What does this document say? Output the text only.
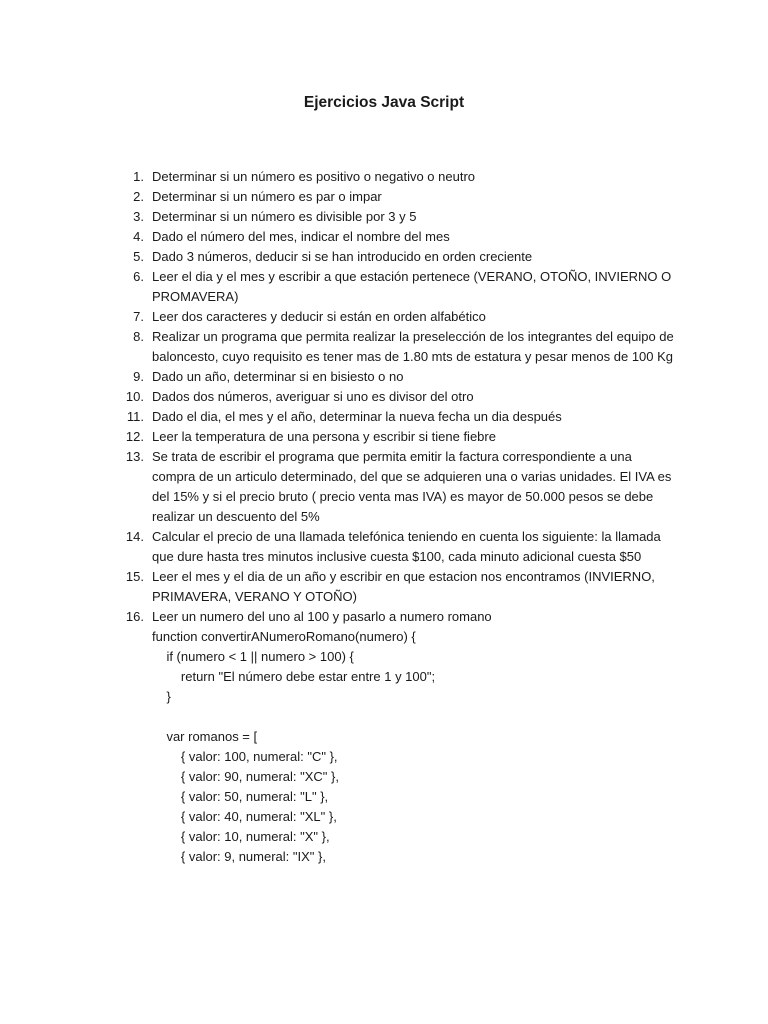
Ejercicios Java Script
1. Determinar si un número es positivo o negativo o neutro
2. Determinar si un número es par o impar
3. Determinar si un número es divisible por 3 y 5
4. Dado el número del mes, indicar el nombre del mes
5. Dado 3 números, deducir si se han introducido en orden creciente
6. Leer el dia y el mes y escribir a que estación pertenece (VERANO, OTOÑO, INVIERNO O
PROMAVERA)
7. Leer dos caracteres y deducir si están en orden alfabético
8. Realizar un programa que permita realizar la preselección de los integrantes del equipo de
baloncesto, cuyo requisito es tener mas de 1.80 mts de estatura y pesar menos de 100 Kg
9. Dado un año, determinar si en bisiesto o no
10. Dados dos números, averiguar si uno es divisor del otro
11. Dado el dia, el mes y el año, determinar la nueva fecha un dia después
12. Leer la temperatura de una persona y escribir si tiene fiebre
13. Se trata de escribir el programa que permita emitir la factura correspondiente a una
compra de un articulo determinado, del que se adquieren una o varias unidades. El IVA es
del 15% y si el precio bruto ( precio venta mas IVA) es mayor de 50.000 pesos se debe
realizar un descuento del 5%
14. Calcular el precio de una llamada telefónica teniendo en cuenta los siguiente: la llamada
que dure hasta tres minutos inclusive cuesta $100, cada minuto adicional cuesta $50
15. Leer el mes y el dia de un año y escribir en que estacion nos encontramos (INVIERNO,
PRIMAVERA, VERANO Y OTOÑO)
16. Leer un numero del uno al 100 y pasarlo a numero romano
function convertirANumeroRomano(numero) {
if (numero < 1 || numero > 100) {
return "El número debe estar entre 1 y 100";
}
var romanos = [
{ valor: 100, numeral: "C" },
{ valor: 90, numeral: "XC" },
{ valor: 50, numeral: "L" },
{ valor: 40, numeral: "XL" },
{ valor: 10, numeral: "X" },
{ valor: 9, numeral: "IX" },
